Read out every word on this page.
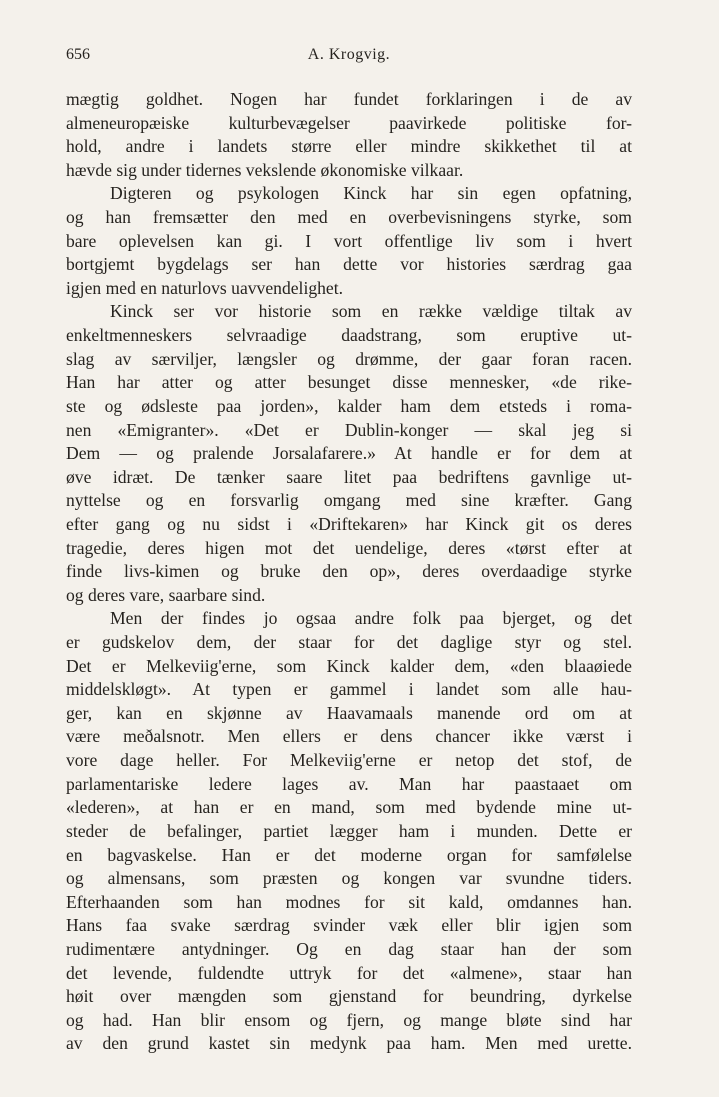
656	A. Krogvig.
mægtig goldhet. Nogen har fundet forklaringen i de av
almeneuropæiske kulturbevægelser paavirkede politiske for-
hold, andre i landets større eller mindre skikkethet til at
hævde sig under tidernes vekslende økonomiske vilkaar.
Digteren og psykologen Kinck har sin egen opfatning,
og han fremsætter den med en overbevisningens styrke, som
bare oplevelsen kan gi. I vort offentlige liv som i hvert
bortgjemt bygdelags ser han dette vor histories særdrag gaa
igjen med en naturlovs uavvendelighet.
Kinck ser vor historie som en række vældige tiltak av
enkeltmenneskers selvraadige daadstrang, som eruptive ut-
slag av særviljer, længsler og drømme, der gaar foran racen.
Han har atter og atter besunget disse mennesker, «de rike-
ste og ødsleste paa jorden», kalder ham dem etsteds i roma-
nen «Emigranter». «Det er Dublin-konger — skal jeg si
Dem — og pralende Jorsalafarere.» At handle er for dem at
øve idræt. De tænker saare litet paa bedriftens gavnlige ut-
nyttelse og en forsvarlig omgang med sine kræfter. Gang
efter gang og nu sidst i «Driftekaren» har Kinck git os deres
tragedie, deres higen mot det uendelige, deres «tørst efter at
finde livs-kimen og bruke den op», deres overdaadige styrke
og deres vare, saarbare sind.
Men der findes jo ogsaa andre folk paa bjerget, og det
er gudskelov dem, der staar for det daglige styr og stel.
Det er Melkeviig'erne, som Kinck kalder dem, «den blaaøiede
middelskløgt». At typen er gammel i landet som alle hau-
ger, kan en skjønne av Haavamaals manende ord om at
være meðalsnotr. Men ellers er dens chancer ikke værst i
vore dage heller. For Melkeviig'erne er netop det stof, de
parlamentariske ledere lages av. Man har paastaaet om
«lederen», at han er en mand, som med bydende mine ut-
steder de befalinger, partiet lægger ham i munden. Dette er
en bagvaskelse. Han er det moderne organ for samfølelse
og almensans, som præsten og kongen var svundne tiders.
Efterhaanden som han modnes for sit kald, omdannes han.
Hans faa svake særdrag svinder væk eller blir igjen som
rudimentære antydninger. Og en dag staar han der som
det levende, fuldendte uttryk for det «almene», staar han
høit over mængden som gjenstand for beundring, dyrkelse
og had. Han blir ensom og fjern, og mange bløte sind har
av den grund kastet sin medynk paa ham. Men med urette.
